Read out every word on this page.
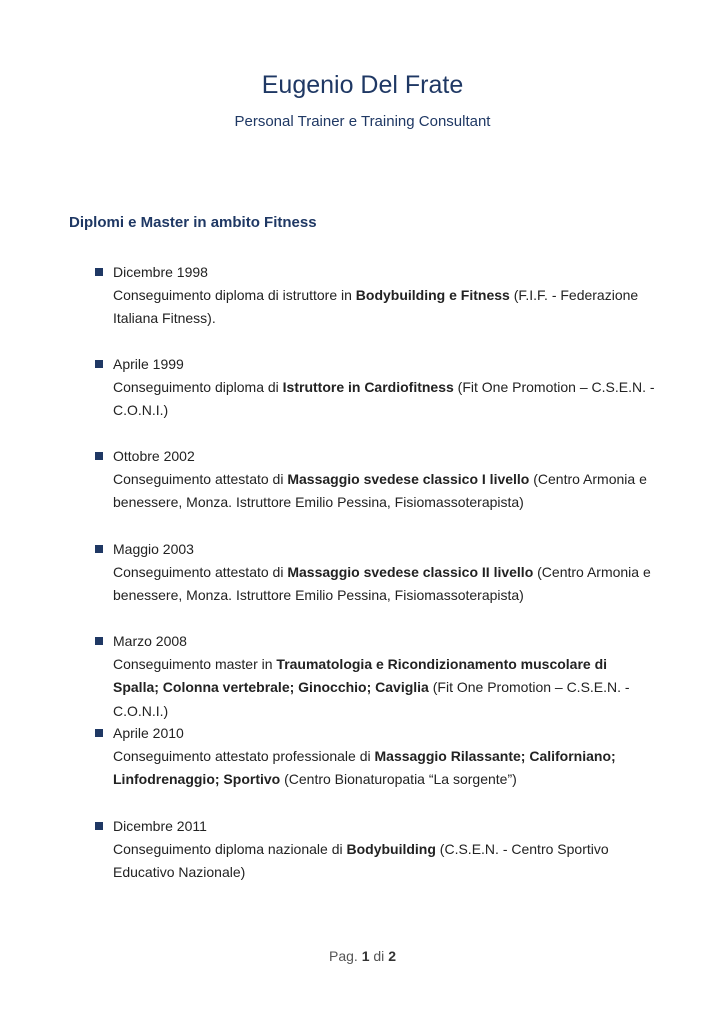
Eugenio Del Frate

Personal Trainer e Training Consultant

Diplomi e Master in ambito Fitness
Dicembre 1998
Conseguimento diploma di istruttore in Bodybuilding e Fitness (F.I.F. - Federazione Italiana Fitness).
Aprile 1999
Conseguimento diploma di Istruttore in Cardiofitness (Fit One Promotion – C.S.E.N. - C.O.N.I.)
Ottobre 2002
Conseguimento attestato di Massaggio svedese classico I livello (Centro Armonia e benessere, Monza. Istruttore Emilio Pessina, Fisiomassoterapista)
Maggio 2003
Conseguimento attestato di Massaggio svedese classico II livello (Centro Armonia e benessere, Monza. Istruttore Emilio Pessina, Fisiomassoterapista)
Marzo 2008
Conseguimento master in Traumatologia e Ricondizionamento muscolare di Spalla; Colonna vertebrale; Ginocchio; Caviglia (Fit One Promotion – C.S.E.N. - C.O.N.I.)
Aprile 2010
Conseguimento attestato professionale di Massaggio Rilassante; Californiano; Linfodrenaggio; Sportivo (Centro Bionaturopatia “La sorgente”)
Dicembre 2011
Conseguimento diploma nazionale di Bodybuilding (C.S.E.N. - Centro Sportivo Educativo Nazionale)
Pag. 1 di 2
